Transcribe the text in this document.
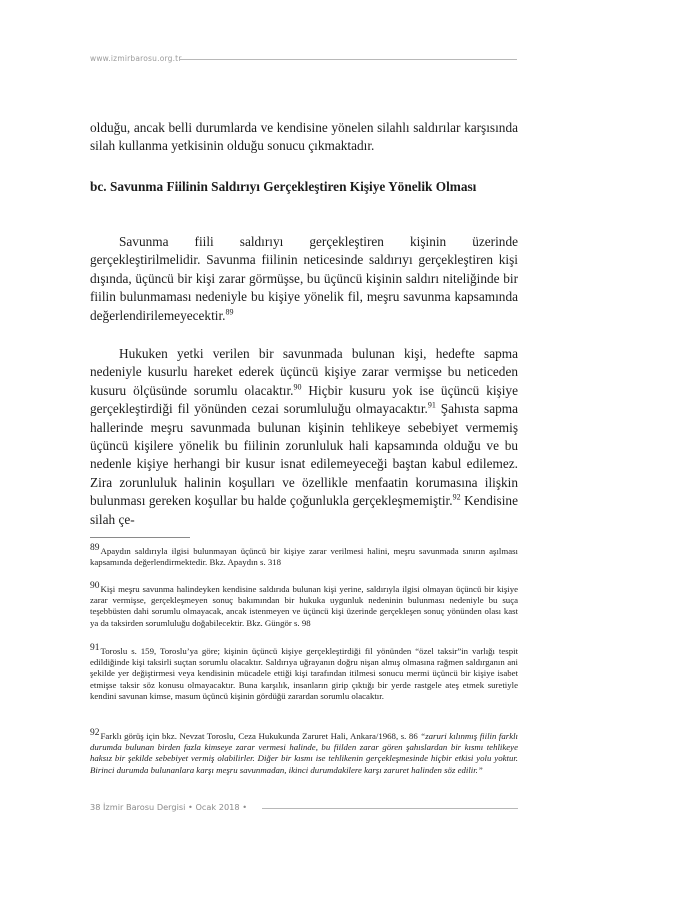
www.izmirbarosu.org.tr
olduğu, ancak belli durumlarda ve kendisine yönelen silahlı saldırılar karşısında silah kullanma yetkisinin olduğu sonucu çıkmaktadır.
bc. Savunma Fiilinin Saldırıyı Gerçekleştiren Kişiye Yönelik Olması
Savunma fiili saldırıyı gerçekleştiren kişinin üzerinde gerçekleştirilmelidir. Savunma fiilinin neticesinde saldırıyı gerçekleştiren kişi dışında, üçüncü bir kişi zarar görmüşse, bu üçüncü kişinin saldırı niteliğinde bir fiilin bulunmaması nedeniyle bu kişiye yönelik fil, meşru savunma kapsamında değerlendirilemeyecektir.$^{89}$
Hukuken yetki verilen bir savunmada bulunan kişi, hedefte sapma nedeniyle kusurlu hareket ederek üçüncü kişiye zarar vermişse bu neticeden kusuru ölçüsünde sorumlu olacaktır.$^{90}$ Hiçbir kusuru yok ise üçüncü kişiye gerçekleştirdiği fil yönünden cezai sorumluluğu olmayacaktır.$^{91}$ Şahısta sapma hallerinde meşru savunmada bulunan kişinin tehlikeye sebebiyet vermemiş üçüncü kişilere yönelik bu fiilinin zorunluluk hali kapsamında olduğu ve bu nedenle kişiye herhangi bir kusur isnat edilemeyeceği baştan kabul edilemez. Zira zorunluluk halinin koşulları ve özellikle menfaatin korumasına ilişkin bulunması gereken koşullar bu halde çoğunlukla gerçekleşmemiştir.$^{92}$ Kendisine silah çe-
$^{89}$Apaydın saldırıyla ilgisi bulunmayan üçüncü bir kişiye zarar verilmesi halini, meşru savunmada sınırın aşılması kapsamında değerlendirmektedir. Bkz. Apaydın s. 318
$^{90}$Kişi meşru savunma halindeyken kendisine saldırıda bulunan kişi yerine, saldırıyla ilgisi olmayan üçüncü bir kişiye zarar vermişse, gerçekleşmeyen sonuç bakımından bir hukuka uygunluk nedeninin bulunması nedeniyle bu suça teşebbüsten dahi sorumlu olmayacak, ancak istenmeyen ve üçüncü kişi üzerinde gerçekleşen sonuç yönünden olası kast ya da taksirden sorumluluğu doğabilecektir. Bkz. Güngör s. 98
$^{91}$Toroslu s. 159, Toroslu’ya göre; kişinin üçüncü kişiye gerçekleştirdiği fil yönünden “özel taksir”in varlığı tespit edildiğinde kişi taksirli suçtan sorumlu olacaktır. Saldırıya uğrayanın doğru nişan almış olmasına rağmen saldırganın ani şekilde yer değiştirmesi veya kendisinin mücadele ettiği kişi tarafından itilmesi sonucu mermi üçüncü bir kişiye isabet etmişse taksir söz konusu olmayacaktır. Buna karşılık, insanların girip çıktığı bir yerde rastgele ateş etmek suretiyle kendini savunan kimse, masum üçüncü kişinin gördüğü zarardan sorumlu olacaktır.
$^{92}$Farklı görüş için bkz. Nevzat Toroslu, Ceza Hukukunda Zaruret Hali, Ankara/1968, s. 86 “zaruri kılınmış fiilin farklı durumda bulunan birden fazla kimseye zarar vermesi halinde, bu fiilden zarar gören şahıslardan bir kısmı tehlikeye haksız bir şekilde sebebiyet vermiş olabilirler. Diğer bir kısmı ise tehlikenin gerçekleşmesinde hiçbir etkisi yolu yoktur. Birinci durumda bulunanlara karşı meşru savunmadan, ikinci durumdakilere karşı zaruret halinden söz edilir.”
38 İzmir Barosu Dergisi • Ocak 2018 •
